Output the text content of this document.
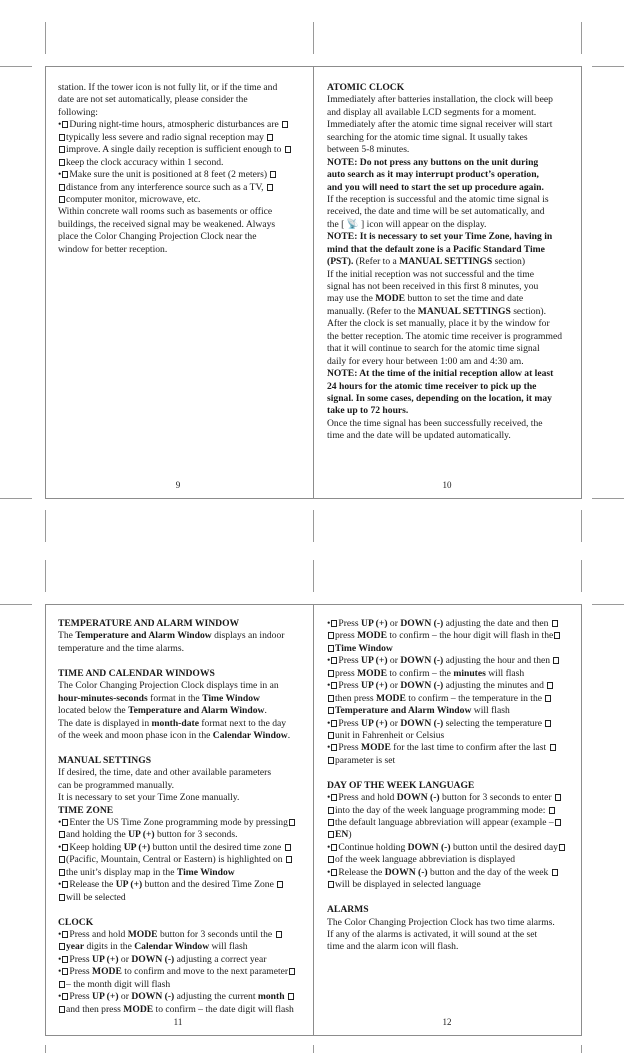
station. If the tower icon is not fully lit, or if the time and
date are not set automatically, please consider the
following:
• During night-time hours, atmospheric disturbances are
typically less severe and radio signal reception may
improve. A single daily reception is sufficient enough to
keep the clock accuracy within 1 second.
• Make sure the unit is positioned at 8 feet (2 meters)
distance from any interference source such as a TV,
computer monitor, microwave, etc.
Within concrete wall rooms such as basements or office
buildings, the received signal may be weakened. Always
place the Color Changing Projection Clock near the
window for better reception.
ATOMIC CLOCK
Immediately after batteries installation, the clock will beep
and display all available LCD segments for a moment.
Immediately after the atomic time signal receiver will start
searching for the atomic time signal. It usually takes
between 5-8 minutes.
NOTE: Do not press any buttons on the unit during
auto search as it may interrupt product’s operation,
and you will need to start the set up procedure again.
If the reception is successful and the atomic time signal is
received, the date and time will be set automatically, and
the [ 📡 ] icon will appear on the display.
NOTE: It is necessary to set your Time Zone, having in
mind that the default zone is a Pacific Standard Time
(PST). (Refer to a MANUAL SETTINGS section)
If the initial reception was not successful and the time
signal has not been received in this first 8 minutes, you
may use the MODE button to set the time and date
manually. (Refer to the MANUAL SETTINGS section).
After the clock is set manually, place it by the window for
the better reception. The atomic time receiver is programmed
that it will continue to search for the atomic time signal
daily for every hour between 1:00 am and 4:30 am.
NOTE: At the time of the initial reception allow at least
24 hours for the atomic time receiver to pick up the
signal. In some cases, depending on the location, it may
take up to 72 hours.
Once the time signal has been successfully received, the
time and the date will be updated automatically.
TEMPERATURE AND ALARM WINDOW
The Temperature and Alarm Window displays an indoor
temperature and the time alarms.
TIME AND CALENDAR WINDOWS
The Color Changing Projection Clock displays time in an
hour-minutes-seconds format in the Time Window
located below the Temperature and Alarm Window.
The date is displayed in month-date format next to the day
of the week and moon phase icon in the Calendar Window.
MANUAL SETTINGS
If desired, the time, date and other available parameters
can be programmed manually.
It is necessary to set your Time Zone manually.
TIME ZONE
• Enter the US Time Zone programming mode by pressing
and holding the UP (+) button for 3 seconds.
• Keep holding UP (+) button until the desired time zone
(Pacific, Mountain, Central or Eastern) is highlighted on
the unit’s display map in the Time Window
• Release the UP (+) button and the desired Time Zone
will be selected
CLOCK
• Press and hold MODE button for 3 seconds until the
year digits in the Calendar Window will flash
• Press UP (+) or DOWN (-) adjusting a correct year
• Press MODE to confirm and move to the next parameter
– the month digit will flash
• Press UP (+) or DOWN (-) adjusting the current month
and then press MODE to confirm – the date digit will flash
• Press UP (+) or DOWN (-) adjusting the date and then
press MODE to confirm – the hour digit will flash in the
Time Window
• Press UP (+) or DOWN (-) adjusting the hour and then
press MODE to confirm – the minutes will flash
• Press UP (+) or DOWN (-) adjusting the minutes and
then press MODE to confirm – the temperature in the
Temperature and Alarm Window will flash
• Press UP (+) or DOWN (-) selecting the temperature
unit in Fahrenheit or Celsius
• Press MODE for the last time to confirm after the last
parameter is set
DAY OF THE WEEK LANGUAGE
• Press and hold DOWN (-) button for 3 seconds to enter
into the day of the week language programming mode:
the default language abbreviation will appear (example –
EN)
• Continue holding DOWN (-) button until the desired day
of the week language abbreviation is displayed
• Release the DOWN (-) button and the day of the week
will be displayed in selected language
ALARMS
The Color Changing Projection Clock has two time alarms.
If any of the alarms is activated, it will sound at the set
time and the alarm icon will flash.
9	10
11	12
